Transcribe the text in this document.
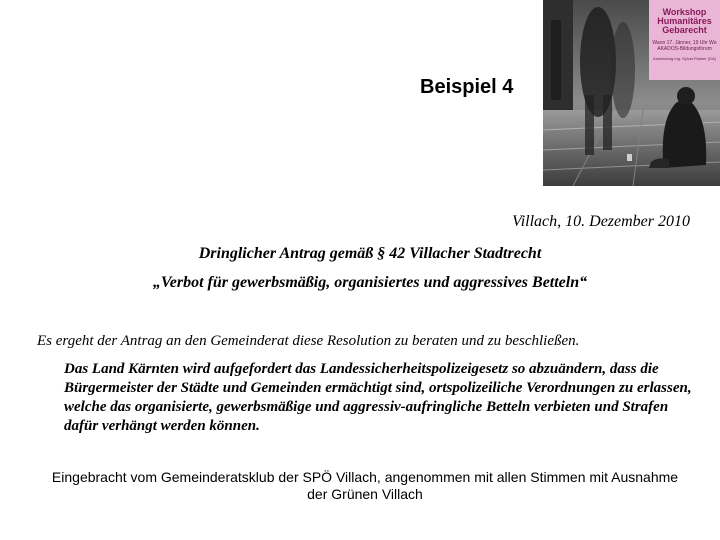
Beispiel 4
Workshop Humanitäres Gebarecht
Wann 17. Jänner, 19 Uhr Wo AKADOS-Bildungsforum
Anmeldung Ing. Sylvia Platner (DA)
Villach, 10. Dezember 2010
Dringlicher Antrag gemäß § 42 Villacher Stadtrecht
„Verbot für gewerbsmäßig, organisiertes und aggressives Betteln“
Es ergeht der Antrag an den Gemeinderat diese Resolution zu beraten und zu beschließen.
Das Land Kärnten wird aufgefordert das Landessicherheitspolizeigesetz so abzuändern, dass die Bürgermeister der Städte und Gemeinden ermächtigt sind, ortspolizeiliche Verordnungen zu erlassen, welche das organisierte, gewerbsmäßige und aggressiv-aufringliche Betteln verbieten und Strafen dafür verhängt werden können.
Eingebracht vom Gemeinderatsklub der SPÖ Villach, angenommen mit allen Stimmen mit Ausnahme der Grünen Villach
